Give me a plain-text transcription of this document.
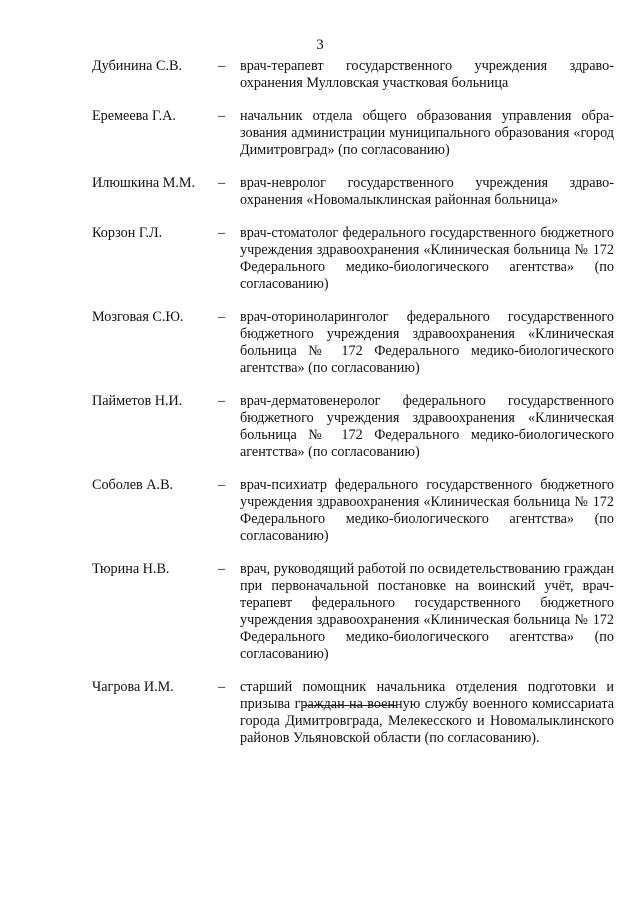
3
Дубинина С.В.	–	врач-терапевт государственного учреждения здравоохранения Мулловская участковая больница
Еремеева Г.А.	–	начальник отдела общего образования управления образования администрации муниципального образования «город Димитровград» (по согласованию)
Илюшкина М.М.	–	врач-невролог государственного учреждения здравоохранения «Новомалыклинская районная больница»
Корзон Г.Л.	–	врач-стоматолог федерального государственного бюджетного учреждения здравоохранения «Клиническая больница № 172 Федерального медико-биологического агентства» (по согласованию)
Мозговая С.Ю.	–	врач-оториноларинголог федерального государственного бюджетного учреждения здравоохранения «Клиническая больница № 172 Федерального медико-биологического агентства» (по согласованию)
Пайметов Н.И.	–	врач-дерматовенеролог федерального государственного бюджетного учреждения здравоохранения «Клиническая больница № 172 Федерального медико-биологического агентства» (по согласованию)
Соболев А.В.	–	врач-психиатр федерального государственного бюджетного учреждения здравоохранения «Клиническая больница № 172 Федерального медико-биологического агентства» (по согласованию)
Тюрина Н.В.	–	врач, руководящий работой по освидетельствованию граждан при первоначальной постановке на воинский учёт, врач-терапевт федерального государственного бюджетного учреждения здравоохранения «Клиническая больница № 172 Федерального медико-биологического агентства» (по согласованию)
Чагрова И.М.	–	старший помощник начальника отделения подготовки и призыва граждан на военную службу военного комиссариата города Димитровграда, Мелекесского и Новомалыклинского районов Ульяновской области (по согласованию).
